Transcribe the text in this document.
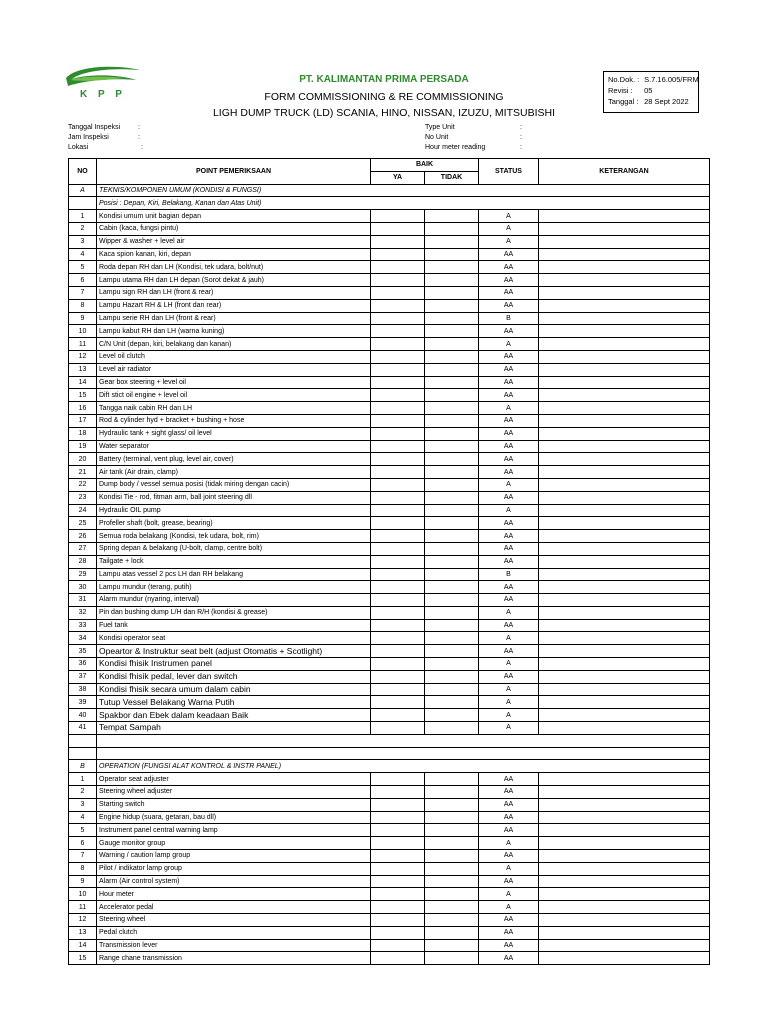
K P P
PT. KALIMANTAN PRIMA PERSADA
FORM COMMISSIONING & RE COMMISSIONING
LIGH DUMP TRUCK (LD) SCANIA, HINO, NISSAN, IZUZU, MITSUBISHI
No.Dok. : S.7.16.005/FRM
Revisi : 05
Tanggal : 28 Sept 2022
Tanggal Inspeksi	:
Jam Inspeksi	:
Lokasi	:
Type Unit	:
No Unit	:
Hour meter reading	:
NO	POINT PEMERIKSAAN	BAIK		STATUS	KETERANGAN
		YA	TIDAK		
A	TEKNIS/KOMPONEN UMUM (KONDISI & FUNGSI)				
	Posisi : Depan, Kiri, Belakang, Kanan dan Atas Unit)				
1	Kondisi umum unit bagian depan			A	
2	Cabin (kaca, fungsi pintu)			A	
3	Wipper & washer + level air			A	
4	Kaca spion kanan, kiri, depan			AA	
5	Roda depan RH dan LH (Kondisi, tek udara, bolt/nut)			AA	
6	Lampu utama RH dan LH depan (Sorot dekat & jauh)			AA	
7	Lampu sign RH dan LH (front & rear)			AA	
8	Lampu Hazart RH & LH (front dan rear)			AA	
9	Lampu serie RH dan LH (front & rear)			B	
10	Lampu kabut RH dan LH (warna kuning)			AA	
11	C/N Unit (depan, kiri, belakang dan kanan)			A	
12	Level oil clutch			AA	
13	Level air radiator			AA	
14	Gear box steering + level oil			AA	
15	Dift stict oil engine + level oil			AA	
16	Tangga naik cabin RH dan LH			A	
17	Rod & cylinder hyd + bracket + bushing + hose			AA	
18	Hydraulic tank + sight glass/ oil level			AA	
19	Water separator			AA	
20	Battery (terminal, vent plug, level air, cover)			AA	
21	Air tank (Air drain, clamp)			AA	
22	Dump body / vessel semua posisi (tidak miring dengan cacin)			A	
23	Kondisi Tie - rod, fitman arm, ball joint steering dll			AA	
24	Hydraulic OIL pump			A	
25	Profeller shaft (bolt, grease, bearing)			AA	
26	Semua roda belakang (Kondisi, tek udara, bolt, rim)			AA	
27	Spring depan & belakang (U-bolt, clamp, centre bolt)			AA	
28	Tailgate + lock			AA	
29	Lampu atas vessel 2 pcs LH dan RH belakang			B	
30	Lampu mundur (terang, putih)			AA	
31	Alarm mundur (nyaring, interval)			AA	
32	Pin dan bushing dump L/H dan R/H (kondisi & grease)			A	
33	Fuel tank			AA	
34	Kondisi operator seat			A	
35	Opeartor & Instruktur seat belt (adjust Otomatis + Scotlight)			AA	
36	Kondisi fhisik Instrumen panel			A	
37	Kondisi fhisik pedal, lever dan switch			AA	
38	Kondisi fhisik secara umum dalam cabin			A	
39	Tutup Vessel Belakang Warna Putih			A	
40	Spakbor dan Ebek dalam keadaan Baik			A	
41	Tempat Sampah			A	

B	OPERATION (FUNGSI ALAT KONTROL & INSTR PANEL)				
1	Operator seat adjuster			AA	
2	Steering wheel adjuster			AA	
3	Starting switch			AA	
4	Engine hidup (suara, getaran, bau dll)			AA	
5	Instrument panel central warning lamp			AA	
6	Gauge monitor group			A	
7	Warning / caution lamp group			AA	
8	Pilot / indikator lamp group			A	
9	Alarm (Air control system)			AA	
10	Hour meter			A	
11	Accelerator pedal			A	
12	Steering wheel			AA	
13	Pedal clutch			AA	
14	Transmission lever			AA	
15	Range chane transmission			AA	
